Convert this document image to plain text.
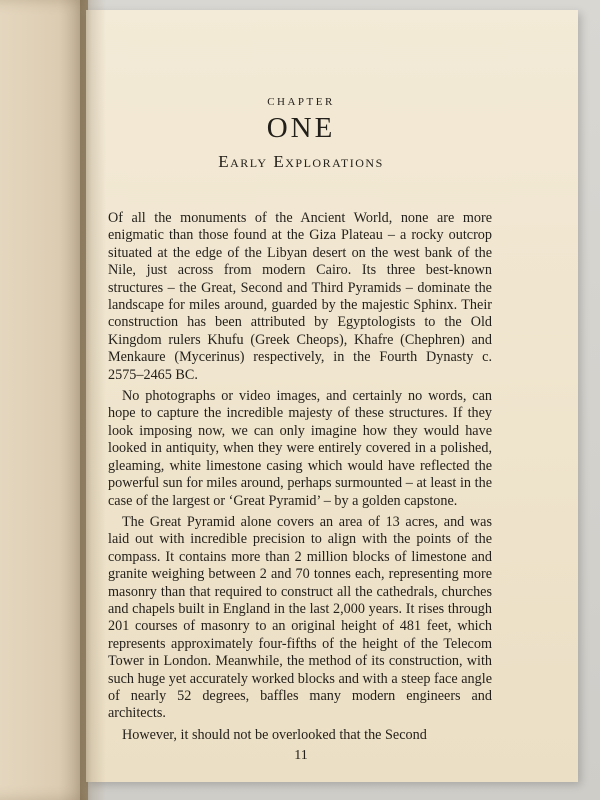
CHAPTER
ONE
Early Explorations

Of all the monuments of the Ancient World, none are more enigmatic than those found at the Giza Plateau – a rocky outcrop situated at the edge of the Libyan desert on the west bank of the Nile, just across from modern Cairo. Its three best-known structures – the Great, Second and Third Pyramids – dominate the landscape for miles around, guarded by the majestic Sphinx. Their construction has been attributed by Egyptologists to the Old Kingdom rulers Khufu (Greek Cheops), Khafre (Chephren) and Menkaure (Mycerinus) respectively, in the Fourth Dynasty c. 2575–2465 BC.

No photographs or video images, and certainly no words, can hope to capture the incredible majesty of these structures. If they look imposing now, we can only imagine how they would have looked in antiquity, when they were entirely covered in a polished, gleaming, white limestone casing which would have reflected the powerful sun for miles around, perhaps surmounted – at least in the case of the largest or ‘Great Pyramid’ – by a golden capstone.

The Great Pyramid alone covers an area of 13 acres, and was laid out with incredible precision to align with the points of the compass. It contains more than 2 million blocks of limestone and granite weighing between 2 and 70 tonnes each, representing more masonry than that required to construct all the cathedrals, churches and chapels built in England in the last 2,000 years. It rises through 201 courses of masonry to an original height of 481 feet, which represents approximately four-fifths of the height of the Telecom Tower in London. Meanwhile, the method of its construction, with such huge yet accurately worked blocks and with a steep face angle of nearly 52 degrees, baffles many modern engineers and architects.

However, it should not be overlooked that the Second

11
